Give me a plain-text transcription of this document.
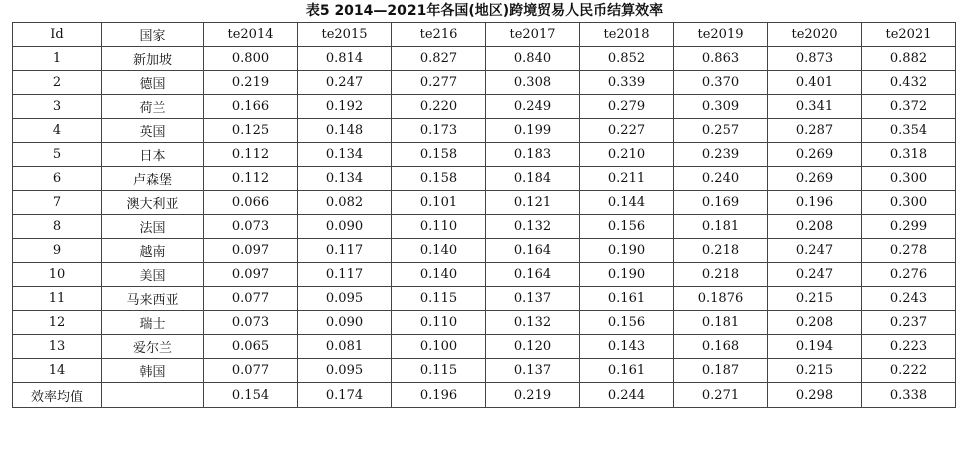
表5 2014—2021年各国(地区)跨境贸易人民币结算效率
Id	国家	te2014	te2015	te216	te2017	te2018	te2019	te2020	te2021
1	新加坡	0.800	0.814	0.827	0.840	0.852	0.863	0.873	0.882
2	德国	0.219	0.247	0.277	0.308	0.339	0.370	0.401	0.432
3	荷兰	0.166	0.192	0.220	0.249	0.279	0.309	0.341	0.372
4	英国	0.125	0.148	0.173	0.199	0.227	0.257	0.287	0.354
5	日本	0.112	0.134	0.158	0.183	0.210	0.239	0.269	0.318
6	卢森堡	0.112	0.134	0.158	0.184	0.211	0.240	0.269	0.300
7	澳大利亚	0.066	0.082	0.101	0.121	0.144	0.169	0.196	0.300
8	法国	0.073	0.090	0.110	0.132	0.156	0.181	0.208	0.299
9	越南	0.097	0.117	0.140	0.164	0.190	0.218	0.247	0.278
10	美国	0.097	0.117	0.140	0.164	0.190	0.218	0.247	0.276
11	马来西亚	0.077	0.095	0.115	0.137	0.161	0.1876	0.215	0.243
12	瑞士	0.073	0.090	0.110	0.132	0.156	0.181	0.208	0.237
13	爱尔兰	0.065	0.081	0.100	0.120	0.143	0.168	0.194	0.223
14	韩国	0.077	0.095	0.115	0.137	0.161	0.187	0.215	0.222
效率均值		0.154	0.174	0.196	0.219	0.244	0.271	0.298	0.338
